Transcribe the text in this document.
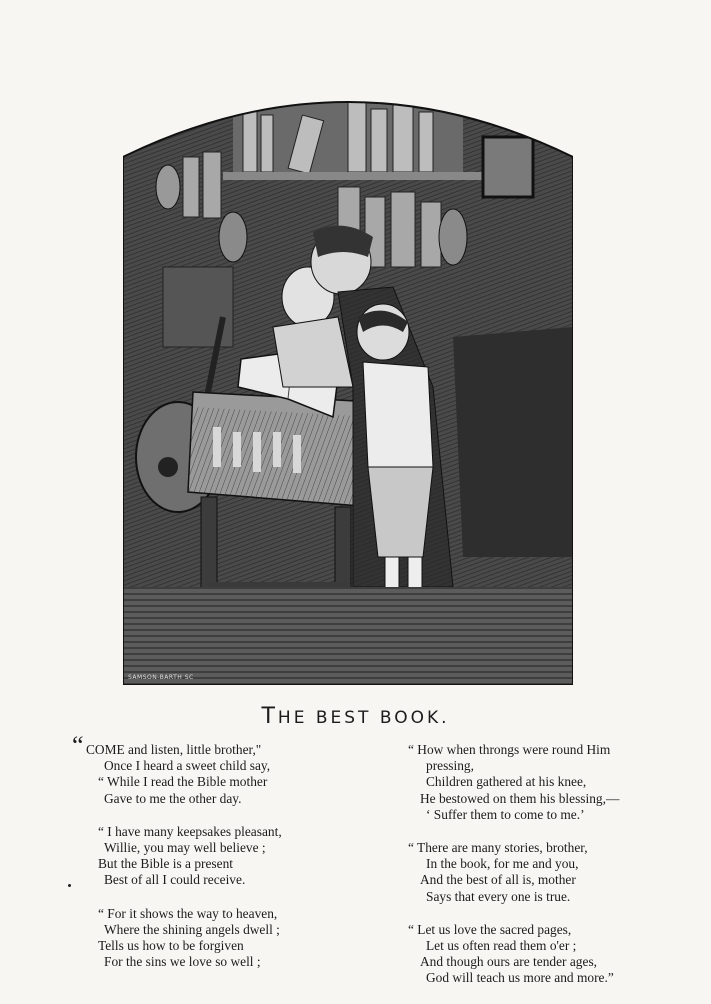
SAMSON-BARTH SC
THE BEST BOOK.
“ COME and listen, little brother,"
Once I heard a sweet child say,
“ While I read the Bible mother
Gave to me the other day.
“ I have many keepsakes pleasant,
Willie, you may well believe ;
But the Bible is a present
Best of all I could receive.
“ For it shows the way to heaven,
Where the shining angels dwell ;
Tells us how to be forgiven
For the sins we love so well ;
“ How when throngs were round Him
pressing,
Children gathered at his knee,
He bestowed on them his blessing,—
‘ Suffer them to come to me.’
“ There are many stories, brother,
In the book, for me and you,
And the best of all is, mother
Says that every one is true.
“ Let us love the sacred pages,
Let us often read them o'er ;
And though ours are tender ages,
God will teach us more and more.”
